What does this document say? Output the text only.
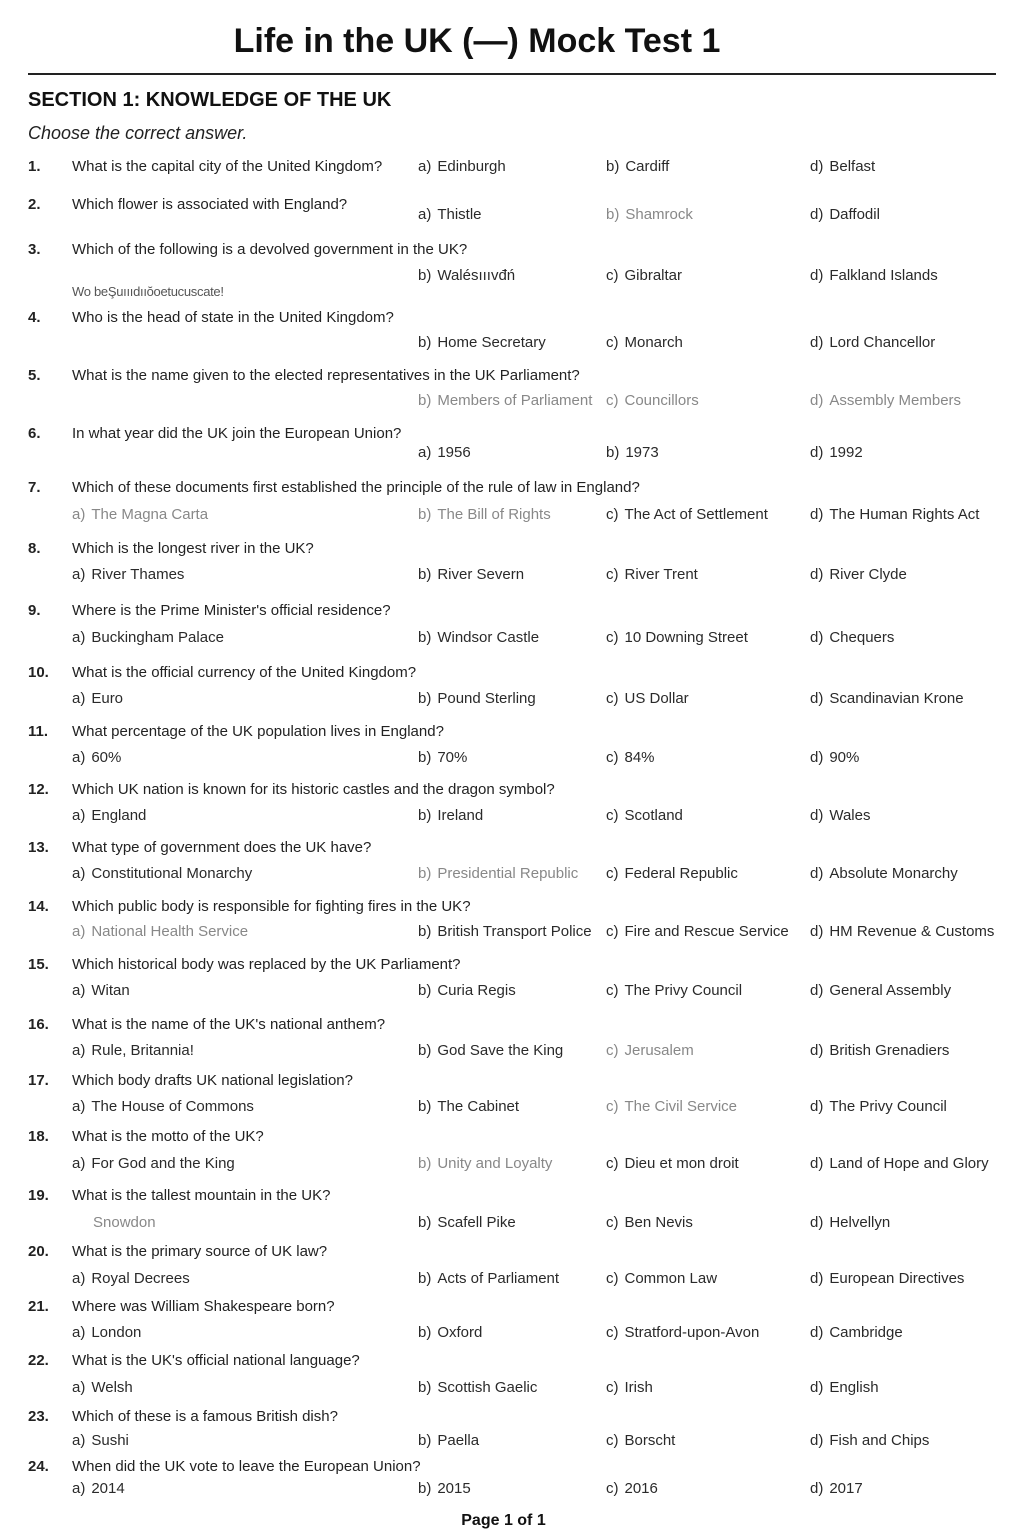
Life in the UK (—) Mock Test 1
SECTION 1: KNOWLEDGE OF THE UK
Choose the correct answer.
1. What is the capital city of the United Kingdom? a) Edinburgh	b) Cardiff	d) Belfast
2. Which flower is associated with England?
a) Thistle	b) Shamrock	d) Daffodil
3. Which of the following is a devolved government in the UK?
b) Walésıııvđń	c) Gibraltar	d) Falkland Islands
4. Who is the head of state in the United Kingdom?
b) Home Secretary	c) Monarch	d) Lord Chancellor
5. What is the name given to the elected representatives in the UK Parliament?
b) Members of Parliament c) Councillors	d) Assembly Members
6. In what year did the UK join the European Union?
a) 1956	b) 1973	d) 1992
7. Which of these documents first established the principle of the rule of law in England?
a) The Magna Carta	b) The Bill of Rights	c) The Act of Settlement	d) The Human Rights Act
8. Which is the longest river in the UK?
a) River Thames	b) River Severn	c) River Trent	d) River Clyde
9. Where is the Prime Minister's official residence?
a) Buckingham Palace	b) Windsor Castle	c) 10 Downing Street	d) Chequers
10. What is the official currency of the United Kingdom?
a) Euro	b) Pound Sterling	c) US Dollar	d) Scandinavian Krone
11. What percentage of the UK population lives in England?
a) 60%	b) 70%	c) 84%	d) 90%
12. Which UK nation is known for its historic castles and the dragon symbol?
a) England	b) Ireland	c) Scotland	d) Wales
13. What type of government does the UK have?
a) Constitutional Monarchy	b) Presidential Republic c) Federal Republic	d) Absolute Monarchy
14. Which public body is responsible for fighting fires in the UK?
a) National Health Service	b) British Transport Police c) Fire and Rescue Service d) HM Revenue & Customs
15. Which historical body was replaced by the UK Parliament?
a) Witan	b) Curia Regis	c) The Privy Council	d) General Assembly
16. What is the name of the UK's national anthem?
a) Rule, Britannia!	b) God Save the King	c) Jerusalem	d) British Grenadiers
17. Which body drafts UK national legislation?
a) The House of Commons	b) The Cabinet	c) The Civil Service	d) The Privy Council
18. What is the motto of the UK?
a) For God and the King	b) Unity and Loyalty	c) Dieu et mon droit	d) Land of Hope and Glory
19. What is the tallest mountain in the UK?
Snowdon	b) Scafell Pike	c) Ben Nevis	d) Helvellyn
20. What is the primary source of UK law?
a) Royal Decrees	b) Acts of Parliament	c) Common Law	d) European Directives
21. Where was William Shakespeare born?
a) London	b) Oxford	c) Stratford-upon-Avon	d) Cambridge
22. What is the UK's official national language?
a) Welsh	b) Scottish Gaelic	c) Irish	d) English
23. Which of these is a famous British dish?
a) Sushi	b) Paella	c) Borscht	d) Fish and Chips
24. When did the UK vote to leave the European Union?
a) 2014	b) 2015	c) 2016	d) 2017
Wo beŞuıııdııŏoetucuscаte!
Page 1 of 1
